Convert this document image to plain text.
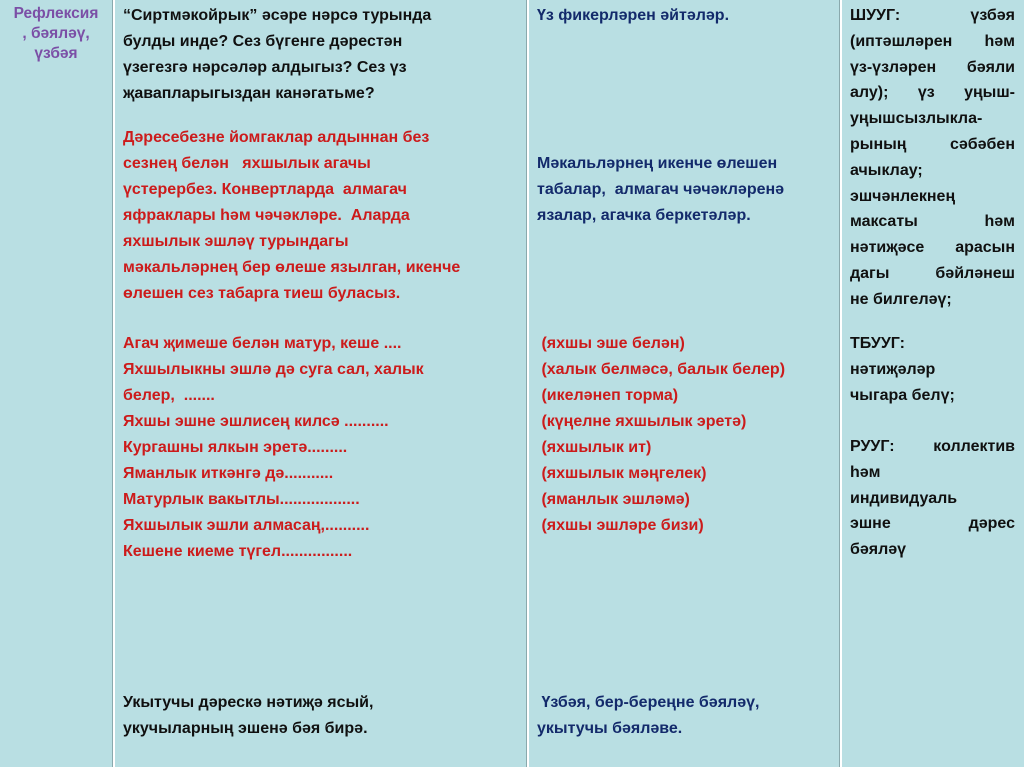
Рефлексия
, бәяләү,
үзбәя

“Сиртмәкойрык” әсәре нәрсә турында

булды инде? Сез бүгенге дәрестән

үзегезгә нәрсәләр алдыгыз? Сез үз

җавапларыгыздан канәгатьме?

Дәресебезне йомгаклар алдыннан без

сезнең белән   яхшылык агачы

үстерербез. Конвертларда  алмагач

яфраклары һәм чәчәкләре.  Аларда

яхшылык эшләү турындагы

мәкальләрнең бер өлеше язылган, икенче

өлешен сез табарга тиеш буласыз.

Агач җимеше белән матур, кеше ....

Яхшылыкны эшлә дә суга сал, халык

белер,  .......

Яхшы эшне эшлисең килсә ..........

Кургашны ялкын эретә.........

Яманлык иткәнгә дә...........

Матурлык вакытлы..................

Яхшылык эшли алмасаң,..........

Кешене киеме түгел................

Укытучы дәрескә нәтиҗә ясый,

укучыларның эшенә бәя бирә.

Үз фикерләрен әйтәләр.

Мәкальләрнең икенче өлешен

табалар,  алмагач чәчәкләренә

язалар, агачка беркетәләр.

(яхшы эше белән)

(халык белмәсә, балык белер)

(икеләнеп торма)

(күңелне яхшылык эретә)

(яхшылык ит)

(яхшылык мәңгелек)

(яманлык эшләмә)

(яхшы эшләре бизи)

Үзбәя, бер-береңне бәяләү,

укытучы бәяләве.

ШУУГ: үзбәя

(иптәшләрен һәм

үз-үзләрен бәяли

алу); үз уңыш-

уңышсызлыкла-

рының сәбәбен

ачыклау;

эшчәнлекнең

максаты һәм

нәтиҗәсе арасын

дагы бәйләнеш

не билгеләү;

ТБУУГ:

нәтиҗәләр

чыгара белү;

РУУГ: коллектив

һәм

индивидуаль

эшне дәрес

бәяләү
